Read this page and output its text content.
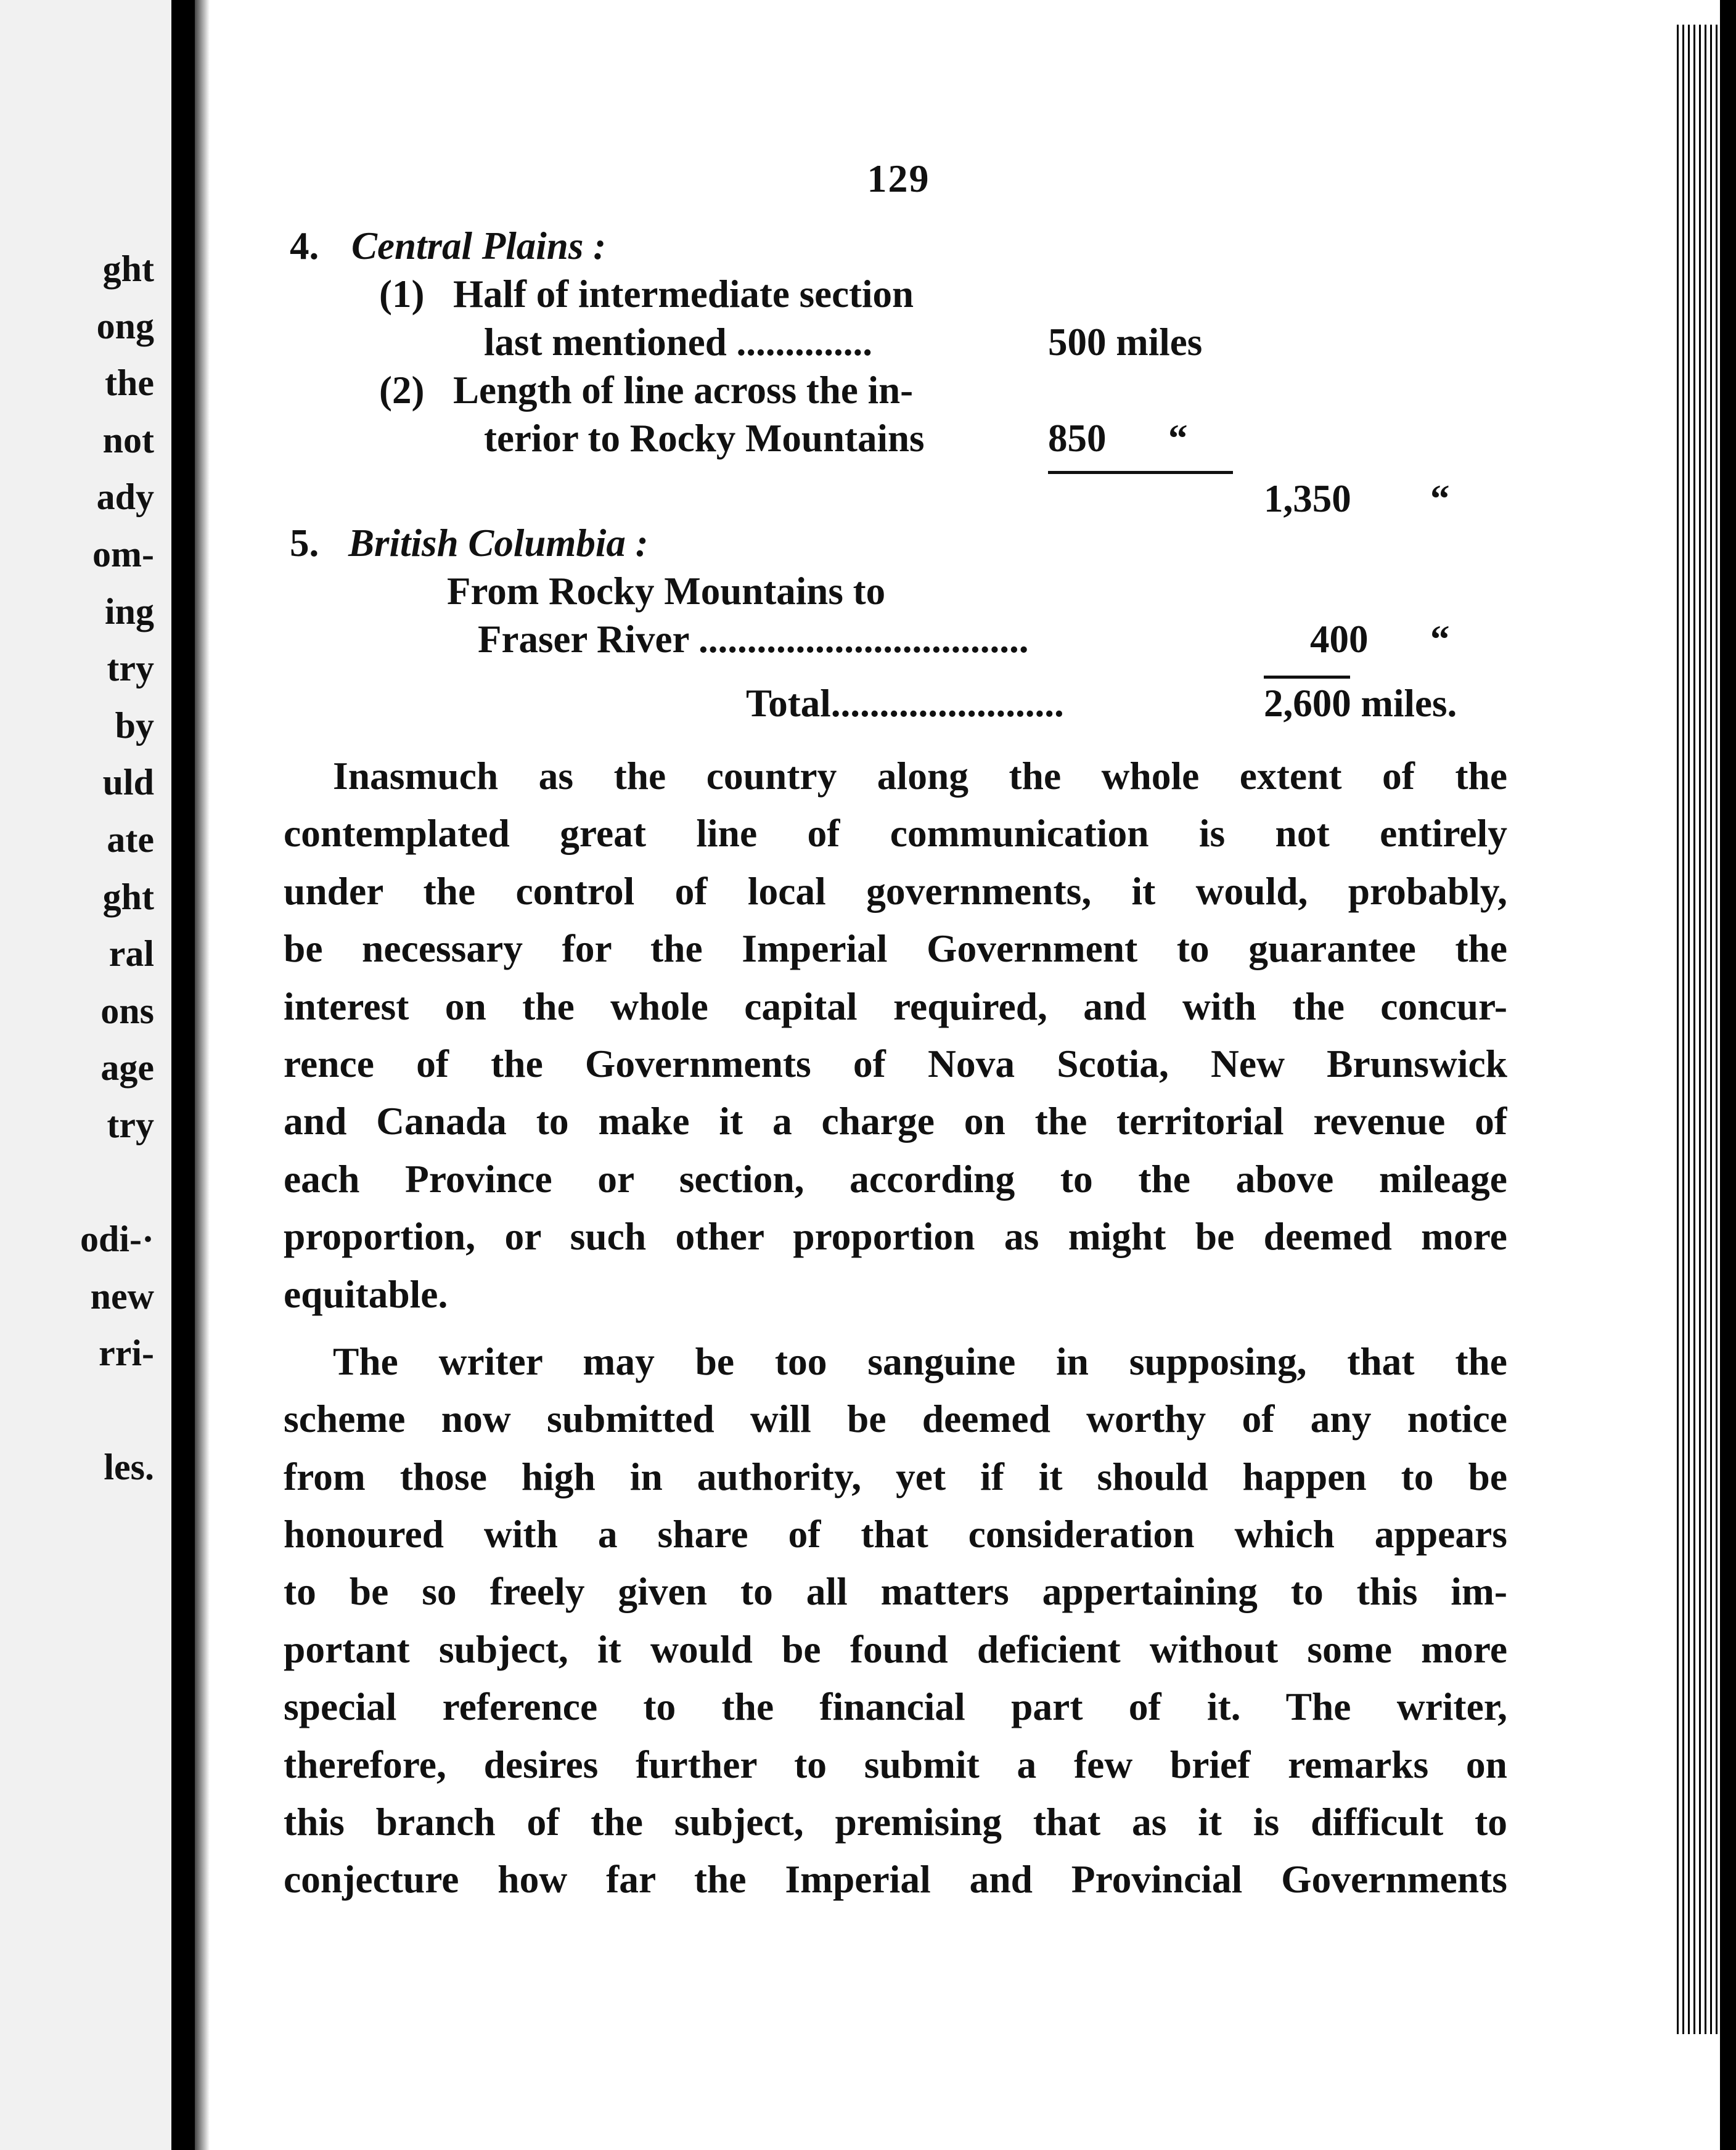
ght
ong
the
not
ady
om-
ing
try
by
uld
ate
ght
ral
ons
age
try
odi-·
new
rri-
les.
129
4. Central Plains :
(1) Half of intermediate section
last mentioned ..............	500 miles
(2) Length of line across the in-
terior to Rocky Mountains	850 “
1,350 “
5. British Columbia :
From Rocky Mountains to
Fraser River ..................................	400 “
Total........................	2,600 miles.
Inasmuch as the country along the whole extent of the
contemplated great line of communication is not entirely
under the control of local governments, it would, probably,
be necessary for the Imperial Government to guarantee the
interest on the whole capital required, and with the concur-
rence of the Governments of Nova Scotia, New Brunswick
and Canada to make it a charge on the territorial revenue of
each Province or section, according to the above mileage
proportion, or such other proportion as might be deemed more
equitable.
The writer may be too sanguine in supposing, that the
scheme now submitted will be deemed worthy of any notice
from those high in authority, yet if it should happen to be
honoured with a share of that consideration which appears
to be so freely given to all matters appertaining to this im-
portant subject, it would be found deficient without some more
special reference to the financial part of it. The writer,
therefore, desires further to submit a few brief remarks on
this branch of the subject, premising that as it is difficult to
conjecture how far the Imperial and Provincial Governments
